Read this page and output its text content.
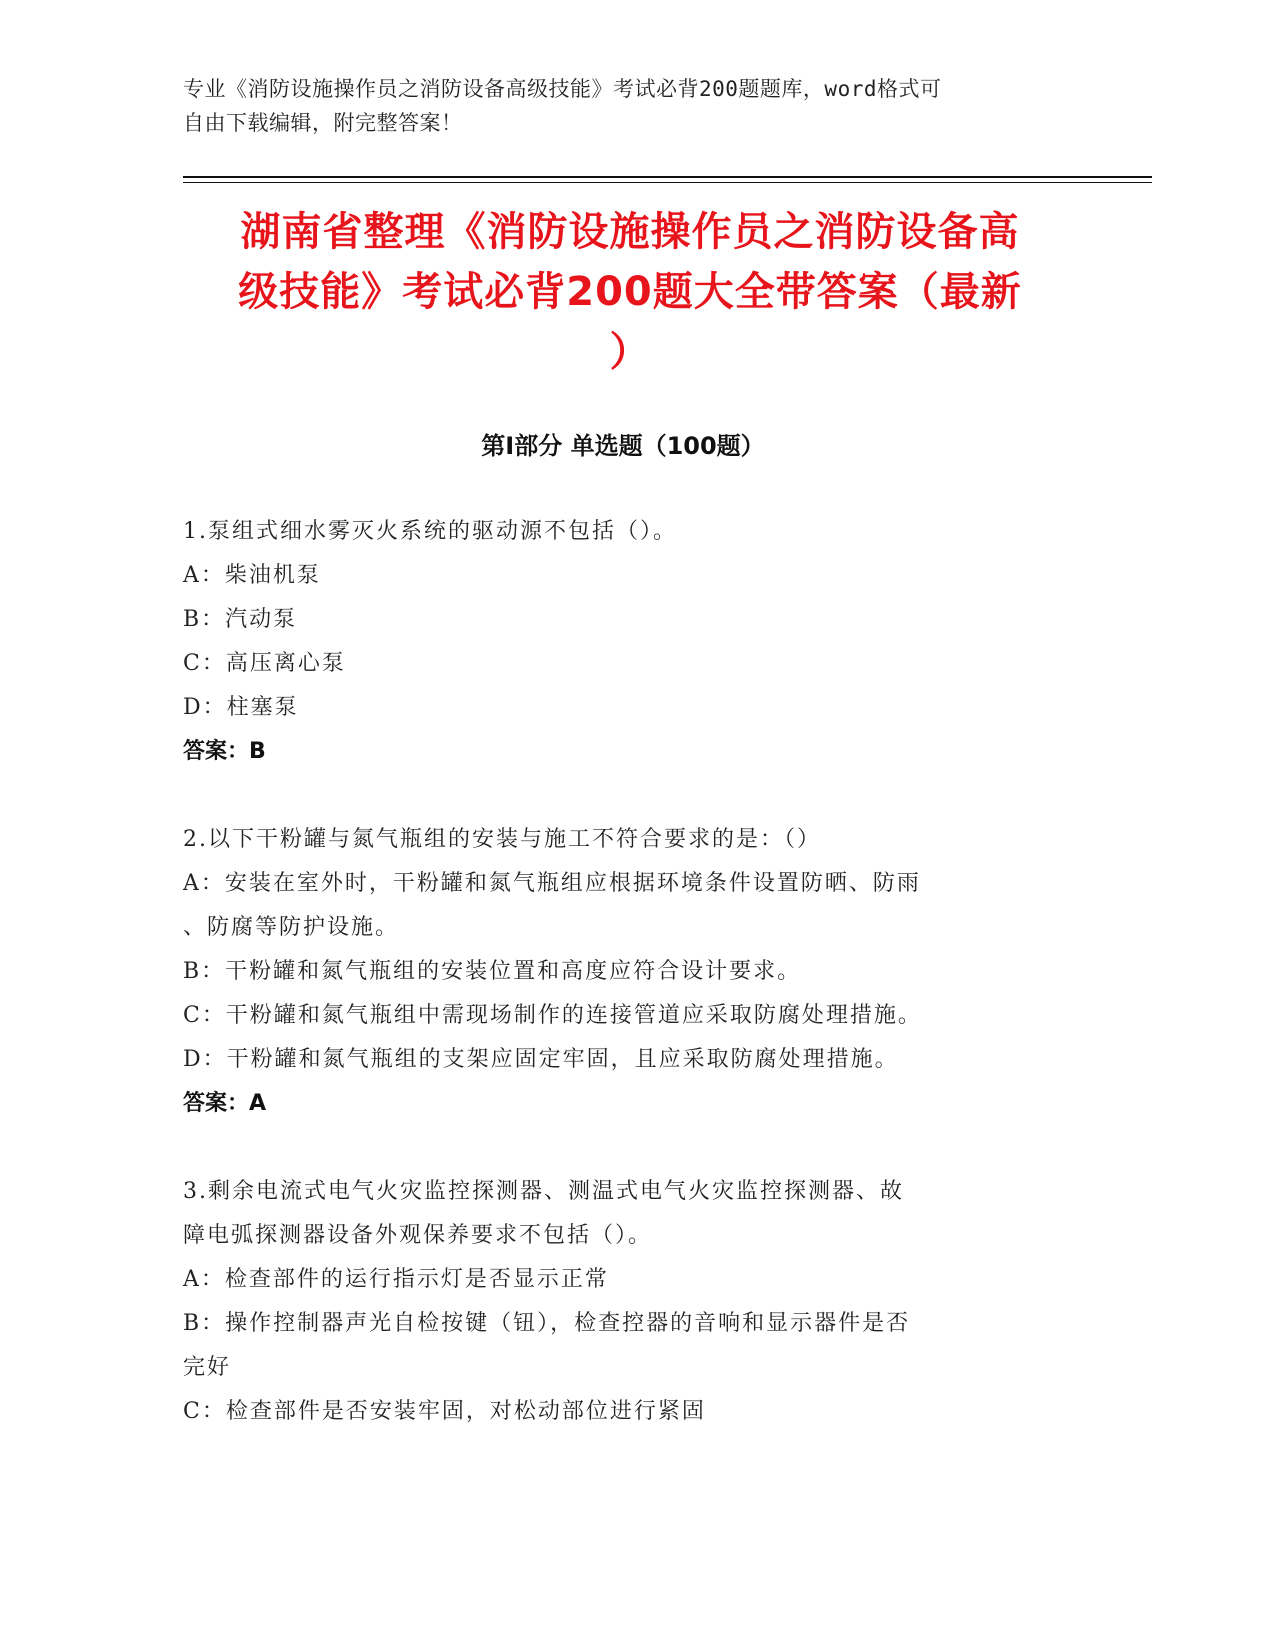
专业《消防设施操作员之消防设备高级技能》考试必背200题题库，word格式可
自由下载编辑，附完整答案！
湖南省整理《消防设施操作员之消防设备高
级技能》考试必背200题大全带答案（最新
）
第I部分 单选题（100题）
1.泵组式细水雾灭火系统的驱动源不包括（）。
A：柴油机泵
B：汽动泵
C：高压离心泵
D：柱塞泵
答案：B
2.以下干粉罐与氮气瓶组的安装与施工不符合要求的是：（）
A：安装在室外时，干粉罐和氮气瓶组应根据环境条件设置防晒、防雨
、防腐等防护设施。
B：干粉罐和氮气瓶组的安装位置和高度应符合设计要求。
C：干粉罐和氮气瓶组中需现场制作的连接管道应采取防腐处理措施。
D：干粉罐和氮气瓶组的支架应固定牢固，且应采取防腐处理措施。
答案：A
3.剩余电流式电气火灾监控探测器、测温式电气火灾监控探测器、故
障电弧探测器设备外观保养要求不包括（）。
A：检查部件的运行指示灯是否显示正常
B：操作控制器声光自检按键（钮），检查控器的音响和显示器件是否
完好
C：检查部件是否安装牢固，对松动部位进行紧固
